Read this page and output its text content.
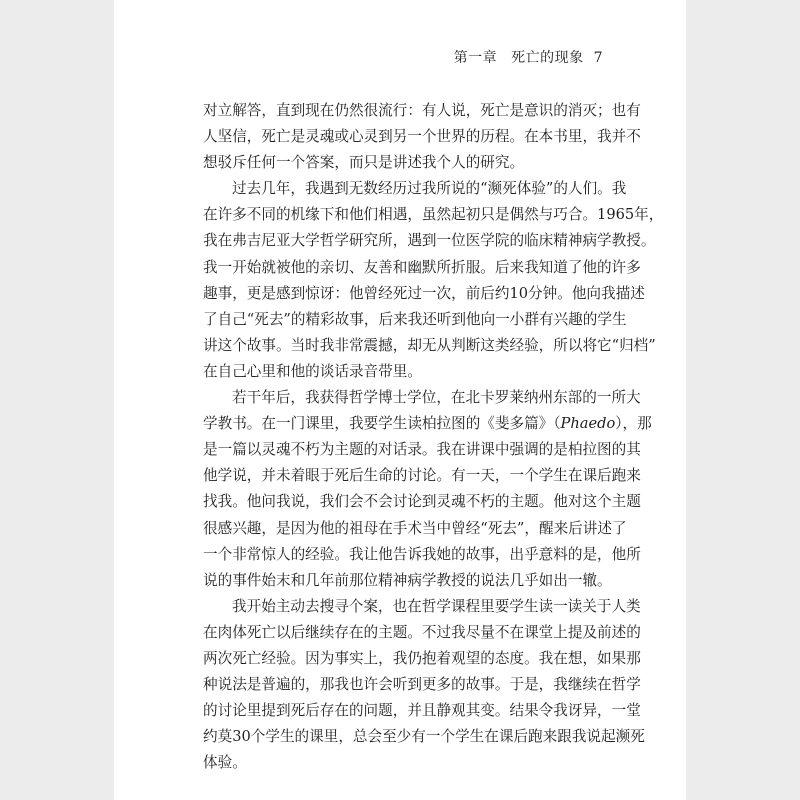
第一章 死亡的现象 7
对立解答，直到现在仍然很流行：有人说，死亡是意识的消灭；也有
人坚信，死亡是灵魂或心灵到另一个世界的历程。在本书里，我并不
想驳斥任何一个答案，而只是讲述我个人的研究。
过去几年，我遇到无数经历过我所说的“濒死体验”的人们。我
在许多不同的机缘下和他们相遇，虽然起初只是偶然与巧合。1965年，
我在弗吉尼亚大学哲学研究所，遇到一位医学院的临床精神病学教授。
我一开始就被他的亲切、友善和幽默所折服。后来我知道了他的许多
趣事，更是感到惊讶：他曾经死过一次，前后约10分钟。他向我描述
了自己“死去”的精彩故事，后来我还听到他向一小群有兴趣的学生
讲这个故事。当时我非常震撼，却无从判断这类经验，所以将它“归档”
在自己心里和他的谈话录音带里。
若干年后，我获得哲学博士学位，在北卡罗莱纳州东部的一所大
学教书。在一门课里，我要学生读柏拉图的《斐多篇》（Phaedo），那
是一篇以灵魂不朽为主题的对话录。我在讲课中强调的是柏拉图的其
他学说，并未着眼于死后生命的讨论。有一天，一个学生在课后跑来
找我。他问我说，我们会不会讨论到灵魂不朽的主题。他对这个主题
很感兴趣，是因为他的祖母在手术当中曾经“死去”，醒来后讲述了
一个非常惊人的经验。我让他告诉我她的故事，出乎意料的是，他所
说的事件始末和几年前那位精神病学教授的说法几乎如出一辙。
我开始主动去搜寻个案，也在哲学课程里要学生读一读关于人类
在肉体死亡以后继续存在的主题。不过我尽量不在课堂上提及前述的
两次死亡经验。因为事实上，我仍抱着观望的态度。我在想，如果那
种说法是普遍的，那我也许会听到更多的故事。于是，我继续在哲学
的讨论里提到死后存在的问题，并且静观其变。结果令我讶异，一堂
约莫30个学生的课里，总会至少有一个学生在课后跑来跟我说起濒死
体验。
